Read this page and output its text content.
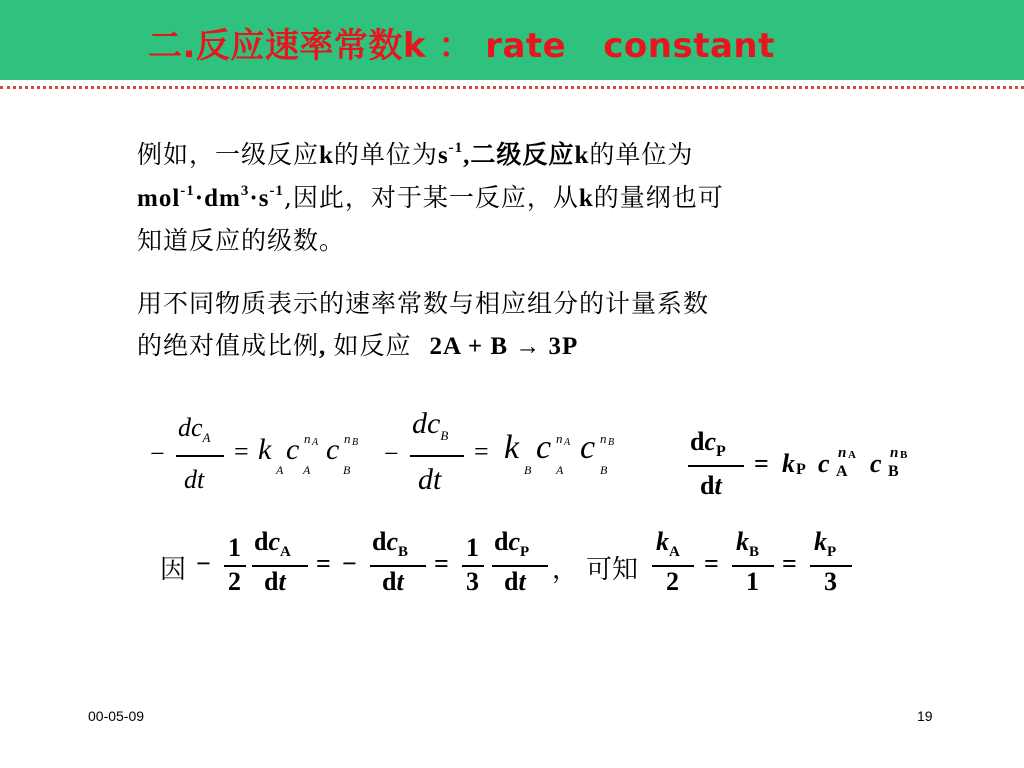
二.反应速率常数k ： rate   constant
例如，一级反应k的单位为$s^{-1}$,二级反应k的单位为
$mol^{-1}\cdot dm^3\cdot s^{-1}$,因此，对于某一反应，从k的量纲也可
知道反应的级数。
用不同物质表示的速率常数与相应组分的计量系数
的绝对值成比例, 如反应 2A + B → 3P
−
$dc_A$
dt
= k
A
c n A
A
c n B
B
−
$dc_B$
dt
= k
B
c n A
A
c n B
B
$dc_P$
dt
= k P c n A
A c n B
B
因 −
1
2
$dc_A$
dt
= −
$dc_B$
dt
=
1
3
$dc_P$
dt ， 可知
$k_A$
2
=
$k_B$
1
=
$k_P$
3
00-05-09	19
